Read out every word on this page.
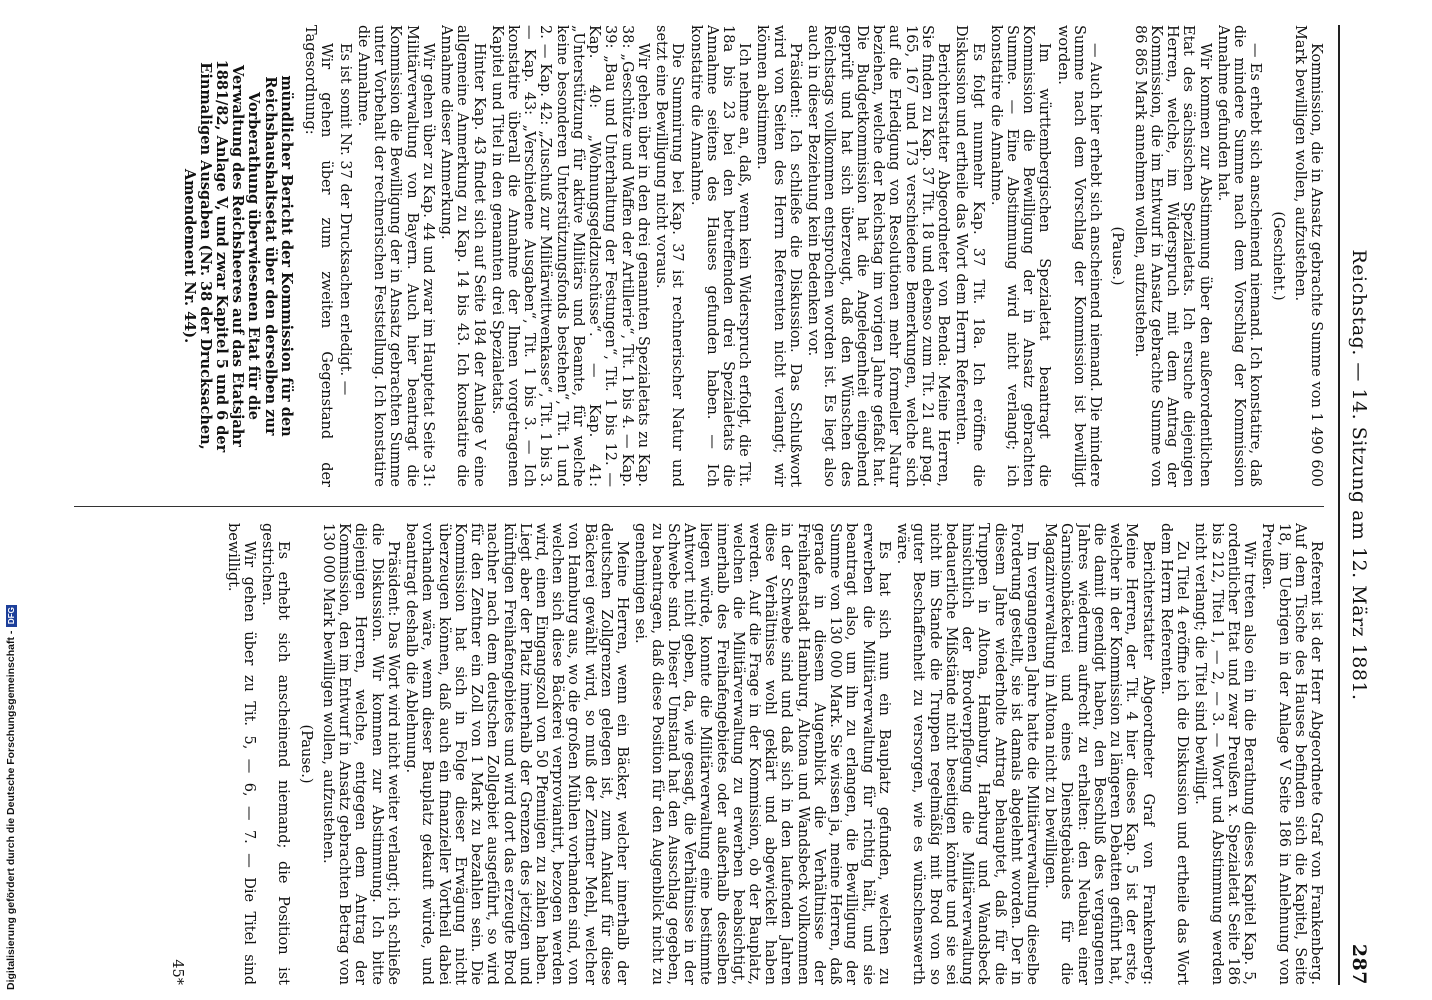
Reichstag. — 14. Sitzung am 12. März 1881.
287

Kommission, die in Ansatz gebrachte Summe von 1 490 600 Mark bewilligen wollen, aufzustehen.

(Geschieht.)

— Es erhebt sich anscheinend niemand. Ich konstatire, daß die mindere Summe nach dem Vorschlag der Kommission Annahme gefunden hat.

Wir kommen zur Abstimmung über den außerordentlichen Etat des sächsischen Spezialetats. Ich ersuche diejenigen Herren, welche, im Widerspruch mit dem Antrag der Kommission, die im Entwurf in Ansatz gebrachte Summe von 86 865 Mark annehmen wollen, aufzustehen.

(Pause.)

— Auch hier erhebt sich anscheinend niemand. Die mindere Summe nach dem Vorschlag der Kommission ist bewilligt worden.

Im württembergischen Spezialetat beantragt die Kommission die Bewilligung der in Ansatz gebrachten Summe. — Eine Abstimmung wird nicht verlangt; ich konstatire die Annahme.

Es folgt nunmehr Kap. 37 Tit. 18a. Ich eröffne die Diskussion und ertheile das Wort dem Herrn Referenten.

Berichterstatter Abgeordneter von Benda: Meine Herren, Sie finden zu Kap. 37 Tit. 18 und ebenso zum Tit. 21 auf pag. 165, 167 und 173 verschiedene Bemerkungen, welche sich auf die Erledigung von Resolutionen mehr formeller Natur beziehen, welche der Reichstag im vorigen Jahre gefaßt hat. Die Budgetkommission hat die Angelegenheit eingehend geprüft und hat sich überzeugt, daß den Wünschen des Reichstags vollkommen entsprochen worden ist. Es liegt also auch in dieser Beziehung kein Bedenken vor.

Präsident: Ich schließe die Diskussion. Das Schlußwort wird von Seiten des Herrn Referenten nicht verlangt; wir können abstimmen.

Ich nehme an, daß, wenn kein Widerspruch erfolgt, die Tit. 18a bis 23 bei den betreffenden drei Spezialetats die Annahme seitens des Hauses gefunden haben. — Ich konstatire die Annahme.

Die Summirung bei Kap. 37 ist rechnerischer Natur und setzt eine Bewilligung nicht voraus.

Wir gehen über in den drei genannten Spezialetats zu Kap. 38: „Geschütze und Waffen der Artillerie“, Tit. 1 bis 4. — Kap. 39: „Bau und Unterhaltung der Festungen“, Tit. 1 bis 12. — Kap. 40: „Wohnungsgeldzuschüsse“. — Kap. 41: „Unterstützung für aktive Militärs und Beamte, für welche keine besonderen Unterstützungsfonds bestehen“, Tit. 1 und 2. — Kap. 42: „Zuschuß zur Militärwittwenkasse“, Tit. 1 bis 3. — Kap. 43: „Verschiedene Ausgaben“, Tit. 1 bis 3. — Ich konstatire überall die Annahme der Ihnen vorgetragenen Kapitel und Titel in den genannten drei Spezialetats.

Hinter Kap. 43 findet sich auf Seite 184 der Anlage V eine allgemeine Anmerkung zu Kap. 14 bis 43. Ich konstatire die Annahme dieser Anmerkung.

Wir gehen über zu Kap. 44 und zwar im Hauptetat Seite 31: Militärverwaltung von Bayern. Auch hier beantragt die Kommission die Bewilligung der in Ansatz gebrachten Summe unter Vorbehalt der rechnerischen Feststellung. Ich konstatire die Annahme.

Es ist somit Nr. 37 der Drucksachen erledigt. —

Wir gehen über zum zweiten Gegenstand der Tagesordnung:

mündlicher Bericht der Kommission für den Reichshaushaltsetat über den derselben zur Vorberathung überwiesenen Etat für die Verwaltung des Reichsheeres auf das Etatsjahr 1881/82, Anlage V, und zwar Kapitel 5 und 6 der Einmaligen Ausgaben (Nr. 38 der Drucksachen, Amendement Nr. 44).

Referent ist der Herr Abgeordnete Graf von Frankenberg. Auf dem Tische des Hauses befinden sich die Kapitel, Seite 18, im Uebrigen in der Anlage V Seite 186 in Anlehnung von Preußen.

Wir treten also ein in die Berathung dieses Kapitel Kap. 5, ordentlicher Etat und zwar Preußen x. Spezialetat Seite 186 bis 212, Titel 1, — 2, — 3. — Wort und Abstimmung werden nicht verlangt; die Titel sind bewilligt.

Zu Titel 4 eröffne ich die Diskussion und ertheile das Wort dem Herrn Referenten.

Berichterstatter Abgeordneter Graf von Frankenberg: Meine Herren, der Tit. 4 hier dieses Kap. 5 ist der erste, welcher in der Kommission zu längeren Debatten geführt hat, die damit geendigt haben, den Beschluß des vergangenen Jahres wiederum aufrecht zu erhalten: den Neubau einer Garnisonbäckerei und eines Dienstgebäudes für die Magazinverwaltung in Altona nicht zu bewilligen.

Im vergangenen Jahre hatte die Militärverwaltung dieselbe Forderung gestellt, sie ist damals abgelehnt worden. Der in diesem Jahre wiederholte Antrag behauptet, daß für die Truppen in Altona, Hamburg, Harburg und Wandsbeck hinsichtlich der Brodverpflegung die Militärverwaltung bedauerliche Mißstände nicht beseitigen könnte und sie sei nicht im Stande die Truppen regelmäßig mit Brod von so guter Beschaffenheit zu versorgen, wie es wünschenswerth wäre.

Es hat sich nun ein Bauplatz gefunden, welchen zu erwerben die Militärverwaltung für richtig hält, und sie beantragt also, um ihn zu erlangen, die Bewilligung der Summe von 130 000 Mark. Sie wissen ja, meine Herren, daß gerade in diesem Augenblick die Verhältnisse der Freihafenstadt Hamburg, Altona und Wandsbeck vollkommen in der Schwebe sind und daß sich in den laufenden Jahren diese Verhältnisse wohl geklärt und abgewickelt haben werden. Auf die Frage in der Kommission, ob der Bauplatz, welchen die Militärverwaltung zu erwerben beabsichtigt, innerhalb des Freihafengebietes oder außerhalb desselben liegen würde, konnte die Militärverwaltung eine bestimmte Antwort nicht geben, da, wie gesagt, die Verhältnisse in der Schwebe sind. Dieser Umstand hat den Ausschlag gegeben, zu beantragen, daß diese Position für den Augenblick nicht zu genehmigen sei.

Meine Herren, wenn ein Bäcker, welcher innerhalb der deutschen Zollgrenzen gelegen ist, zum Ankauf für diese Bäckerei gewählt wird, so muß der Zentner Mehl, welcher von Hamburg aus, wo die großen Mühlen vorhanden sind, von welchen sich diese Bäckerei verproviantirt, bezogen werden wird, einen Eingangszoll von 50 Pfennigen zu zahlen haben. Liegt aber der Platz innerhalb der Grenzen des jetzigen und künftigen Freihafengebietes und wird dort das erzeugte Brod nachher nach dem deutschen Zollgebiet ausgeführt, so wird für den Zentner ein Zoll von 1 Mark zu bezahlen sein. Die Kommission hat sich in Folge dieser Erwägung nicht überzeugen können, daß auch ein finanzieller Vortheil dabei vorhanden wäre, wenn dieser Bauplatz gekauft würde, und beantragt deshalb die Ablehnung.

Präsident: Das Wort wird nicht weiter verlangt; ich schließe die Diskussion. Wir kommen zur Abstimmung. Ich bitte diejenigen Herren, welche, entgegen dem Antrag der Kommission, den im Entwurf in Ansatz gebrachten Betrag von 130 000 Mark bewilligen wollen, aufzustehen.

(Pause.)

Es erhebt sich anscheinend niemand; die Position ist gestrichen.

Wir gehen über zu Tit. 5, — 6, — 7. — Die Titel sind bewilligt.

45*

Digitalisierung gefördert durch die Deutsche Forschungsgemeinschaft -
DFG
